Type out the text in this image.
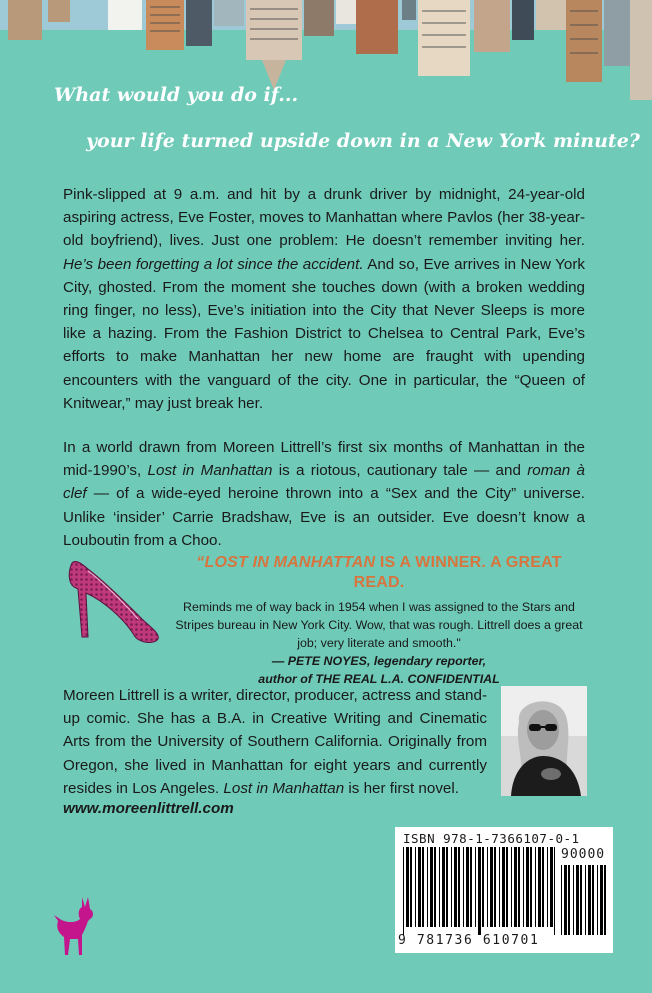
What would you do if...

your life turned upside down in a New York minute?

Pink-slipped at 9 a.m. and hit by a drunk driver by midnight, 24-year-old aspiring actress, Eve Foster, moves to Manhattan where Pavlos (her 38-year-old boyfriend), lives. Just one problem: He doesn’t remember inviting her. He’s been forgetting a lot since the accident. And so, Eve arrives in New York City, ghosted. From the moment she touches down (with a broken wedding ring finger, no less), Eve’s initiation into the City that Never Sleeps is more like a hazing. From the Fashion District to Chelsea to Central Park, Eve’s efforts to make Manhattan her new home are fraught with upending encounters with the vanguard of the city. One in particular, the “Queen of Knitwear,” may just break her.

In a world drawn from Moreen Littrell’s first six months of Manhattan in the mid-1990’s, Lost in Manhattan is a riotous, cautionary tale — and roman à clef — of a wide-eyed heroine thrown into a “Sex and the City” universe. Unlike ‘insider’ Carrie Bradshaw, Eve is an outsider. Eve doesn’t know a Louboutin from a Choo.

“LOST IN MANHATTAN IS A WINNER. A GREAT READ.

Reminds me of way back in 1954 when I was assigned to the Stars and Stripes bureau in New York City. Wow, that was rough. Littrell does a great job; very literate and smooth."

— PETE NOYES, legendary reporter,

author of THE REAL L.A. CONFIDENTIAL

Moreen Littrell is a writer, director, producer, actress and stand-up comic. She has a B.A. in Creative Writing and Cinematic Arts from the University of Southern California. Originally from Oregon, she lived in Manhattan for eight years and currently resides in Los Angeles. Lost in Manhattan is her first novel.

www.moreenlittrell.com

ISBN 978-1-7366107-0-1

90000

9 781736 610701
